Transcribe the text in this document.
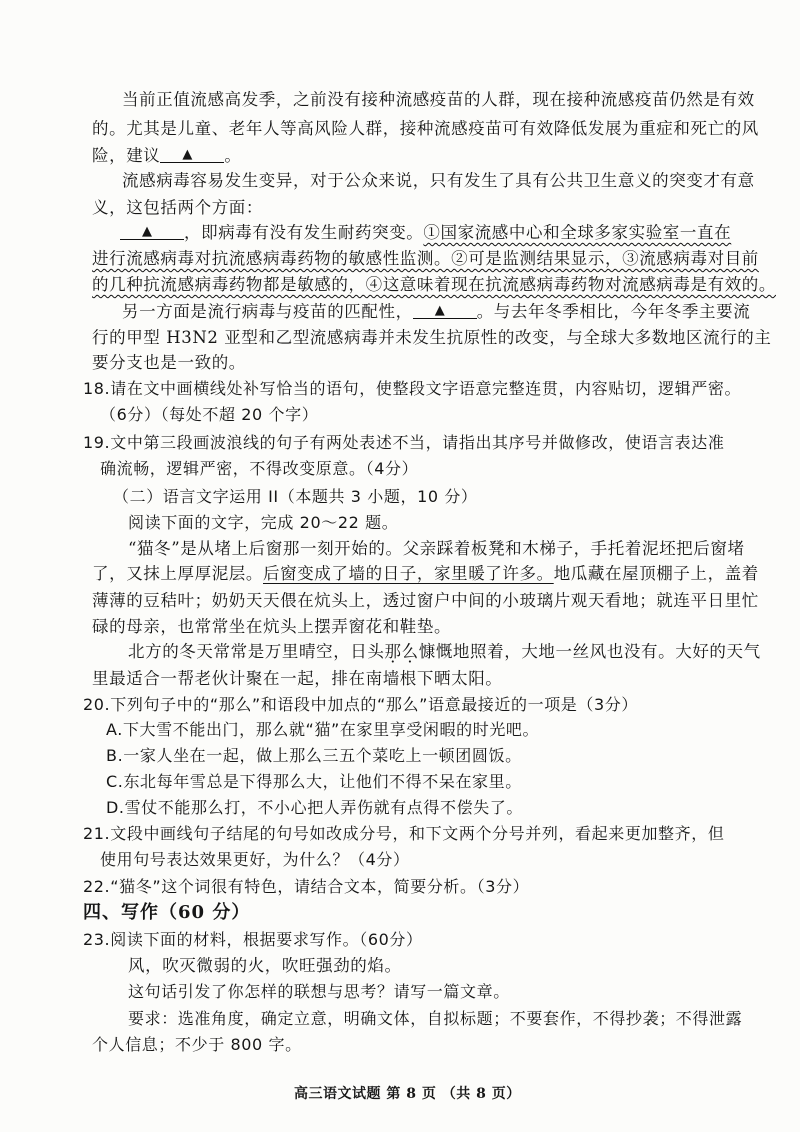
当前正值流感高发季，之前没有接种流感疫苗的人群，现在接种流感疫苗仍然是有效
的。尤其是儿童、老年人等高风险人群，接种流感疫苗可有效降低发展为重症和死亡的风
险，建议 ▲ 。
流感病毒容易发生变异，对于公众来说，只有发生了具有公共卫生意义的突变才有意
义，这包括两个方面：
▲ ，即病毒有没有发生耐药突变。①国家流感中心和全球多家实验室一直在
进行流感病毒对抗流感病毒药物的敏感性监测。②可是监测结果显示，③流感病毒对目前
的几种抗流感病毒药物都是敏感的，④这意味着现在抗流感病毒药物对流感病毒是有效的。
另一方面是流行病毒与疫苗的匹配性， ▲ 。与去年冬季相比，今年冬季主要流
行的甲型 H3N2 亚型和乙型流感病毒并未发生抗原性的改变，与全球大多数地区流行的主
要分支也是一致的。
18.请在文中画横线处补写恰当的语句，使整段文字语意完整连贯，内容贴切，逻辑严密。
（6分）（每处不超 20 个字）
19.文中第三段画波浪线的句子有两处表述不当，请指出其序号并做修改，使语言表达准
确流畅，逻辑严密，不得改变原意。（4分）
（二）语言文字运用 II（本题共 3 小题，10 分）
阅读下面的文字，完成 20～22 题。
“猫冬”是从堵上后窗那一刻开始的。父亲踩着板凳和木梯子，手托着泥坯把后窗堵
了，又抹上厚厚泥层。后窗变成了墙的日子，家里暖了许多。地瓜藏在屋顶棚子上，盖着
薄薄的豆秸叶；奶奶天天偎在炕头上，透过窗户中间的小玻璃片观天看地；就连平日里忙
碌的母亲，也常常坐在炕头上摆弄窗花和鞋垫。
北方的冬天常常是万里晴空，日头那么慷慨地照着，大地一丝风也没有。大好的天气
里最适合一帮老伙计聚在一起，排在南墙根下晒太阳。
20.下列句子中的“那么”和语段中加点的“那么”语意最接近的一项是（3分）
A.下大雪不能出门，那么就“猫”在家里享受闲暇的时光吧。
B.一家人坐在一起，做上那么三五个菜吃上一顿团圆饭。
C.东北每年雪总是下得那么大，让他们不得不呆在家里。
D.雪仗不能那么打，不小心把人弄伤就有点得不偿失了。
21.文段中画线句子结尾的句号如改成分号，和下文两个分号并列，看起来更加整齐，但
使用句号表达效果更好，为什么？（4分）
22.“猫冬”这个词很有特色，请结合文本，简要分析。（3分）
四、写作（60 分）
23.阅读下面的材料，根据要求写作。（60分）
风，吹灭微弱的火，吹旺强劲的焰。
这句话引发了你怎样的联想与思考？请写一篇文章。
要求：选准角度，确定立意，明确文体，自拟标题；不要套作，不得抄袭；不得泄露
个人信息；不少于 800 字。
高三语文试题 第 8 页 （共 8 页）
